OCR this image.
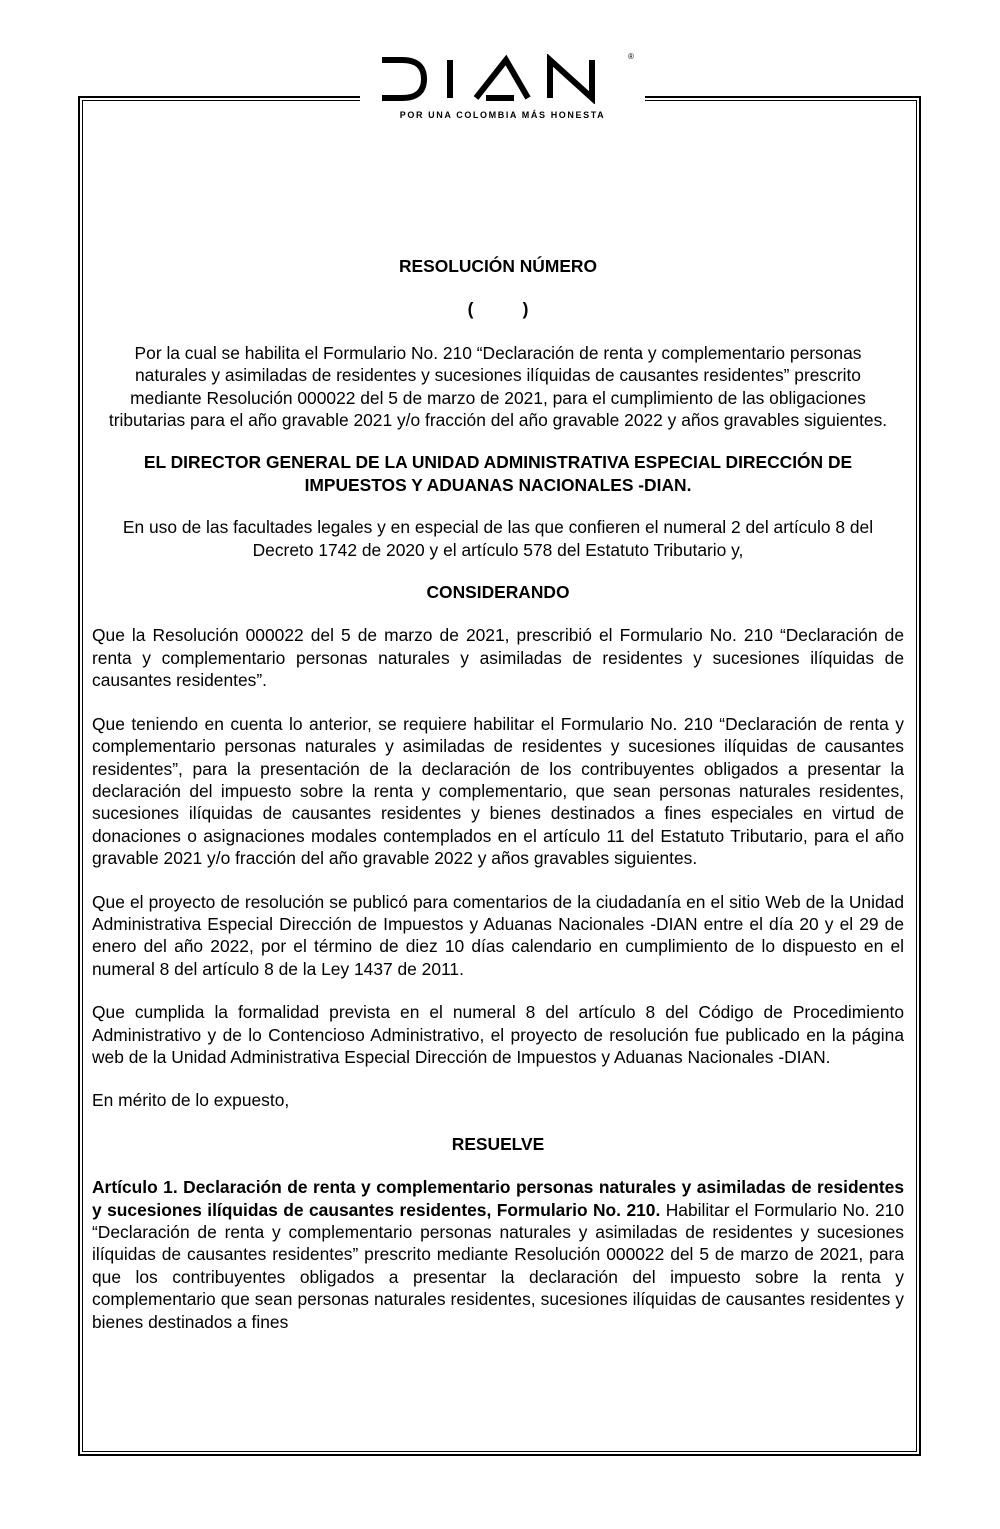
®
POR UNA COLOMBIA MÁS HONESTA

RESOLUCIÓN NÚMERO

(	)

Por la cual se habilita el Formulario No. 210 “Declaración de renta y complementario personas naturales y asimiladas de residentes y sucesiones ilíquidas de causantes residentes” prescrito mediante Resolución 000022 del 5 de marzo de 2021, para el cumplimiento de las obligaciones tributarias para el año gravable 2021 y/o fracción del año gravable 2022 y años gravables siguientes.

EL DIRECTOR GENERAL DE LA UNIDAD ADMINISTRATIVA ESPECIAL DIRECCIÓN DE IMPUESTOS Y ADUANAS NACIONALES -DIAN.

En uso de las facultades legales y en especial de las que confieren el numeral 2 del artículo 8 del Decreto 1742 de 2020 y el artículo 578 del Estatuto Tributario y,

CONSIDERANDO

Que la Resolución 000022 del 5 de marzo de 2021, prescribió el Formulario No. 210 “Declaración de renta y complementario personas naturales y asimiladas de residentes y sucesiones ilíquidas de causantes residentes”.

Que teniendo en cuenta lo anterior, se requiere habilitar el Formulario No. 210 “Declaración de renta y complementario personas naturales y asimiladas de residentes y sucesiones ilíquidas de causantes residentes”, para la presentación de la declaración de los contribuyentes obligados a presentar la declaración del impuesto sobre la renta y complementario, que sean personas naturales residentes, sucesiones ilíquidas de causantes residentes y bienes destinados a fines especiales en virtud de donaciones o asignaciones modales contemplados en el artículo 11 del Estatuto Tributario, para el año gravable 2021 y/o fracción del año gravable 2022 y años gravables siguientes.

Que el proyecto de resolución se publicó para comentarios de la ciudadanía en el sitio Web de la Unidad Administrativa Especial Dirección de Impuestos y Aduanas Nacionales -DIAN entre el día 20 y el 29 de enero del año 2022, por el término de diez 10 días calendario en cumplimiento de lo dispuesto en el numeral 8 del artículo 8 de la Ley 1437 de 2011.

Que cumplida la formalidad prevista en el numeral 8 del artículo 8 del Código de Procedimiento Administrativo y de lo Contencioso Administrativo, el proyecto de resolución fue publicado en la página web de la Unidad Administrativa Especial Dirección de Impuestos y Aduanas Nacionales -DIAN.

En mérito de lo expuesto,

RESUELVE

Artículo 1. Declaración de renta y complementario personas naturales y asimiladas de residentes y sucesiones ilíquidas de causantes residentes, Formulario No. 210. Habilitar el Formulario No. 210 “Declaración de renta y complementario personas naturales y asimiladas de residentes y sucesiones ilíquidas de causantes residentes” prescrito mediante Resolución 000022 del 5 de marzo de 2021, para que los contribuyentes obligados a presentar la declaración del impuesto sobre la renta y complementario que sean personas naturales residentes, sucesiones ilíquidas de causantes residentes y bienes destinados a fines
